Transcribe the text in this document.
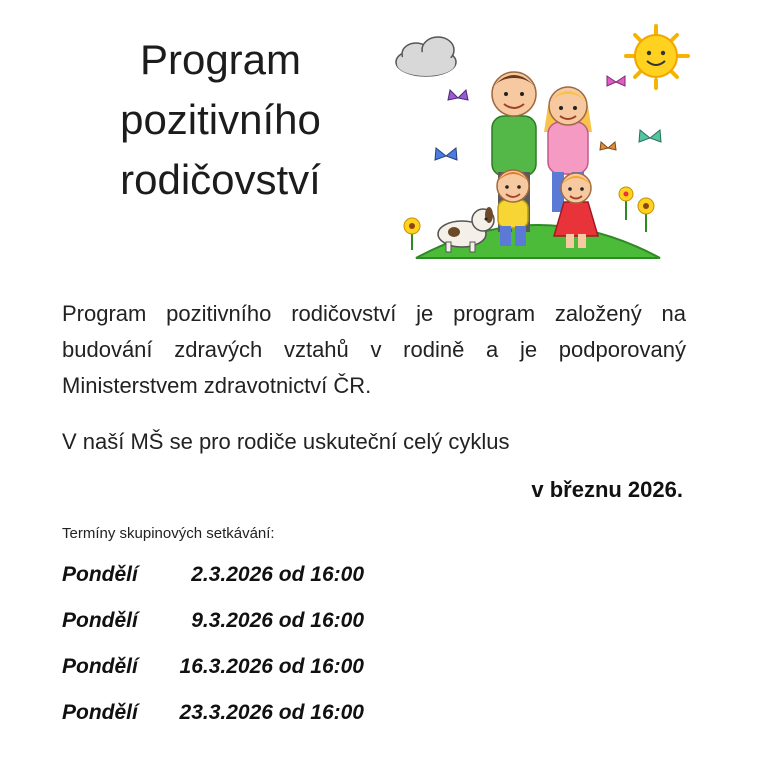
Program
pozitivního
rodičovství

Program pozitivního rodičovství je program založený na budování zdravých vztahů v rodině a je podporovaný Ministerstvem zdravotnictví ČR.

V naší MŠ se pro rodiče uskuteční celý cyklus

v březnu 2026.

Termíny skupinových setkávání:

Pondělí	2.3.2026 od 16:00
Pondělí	9.3.2026 od 16:00
Pondělí	16.3.2026 od 16:00
Pondělí	23.3.2026 od 16:00
